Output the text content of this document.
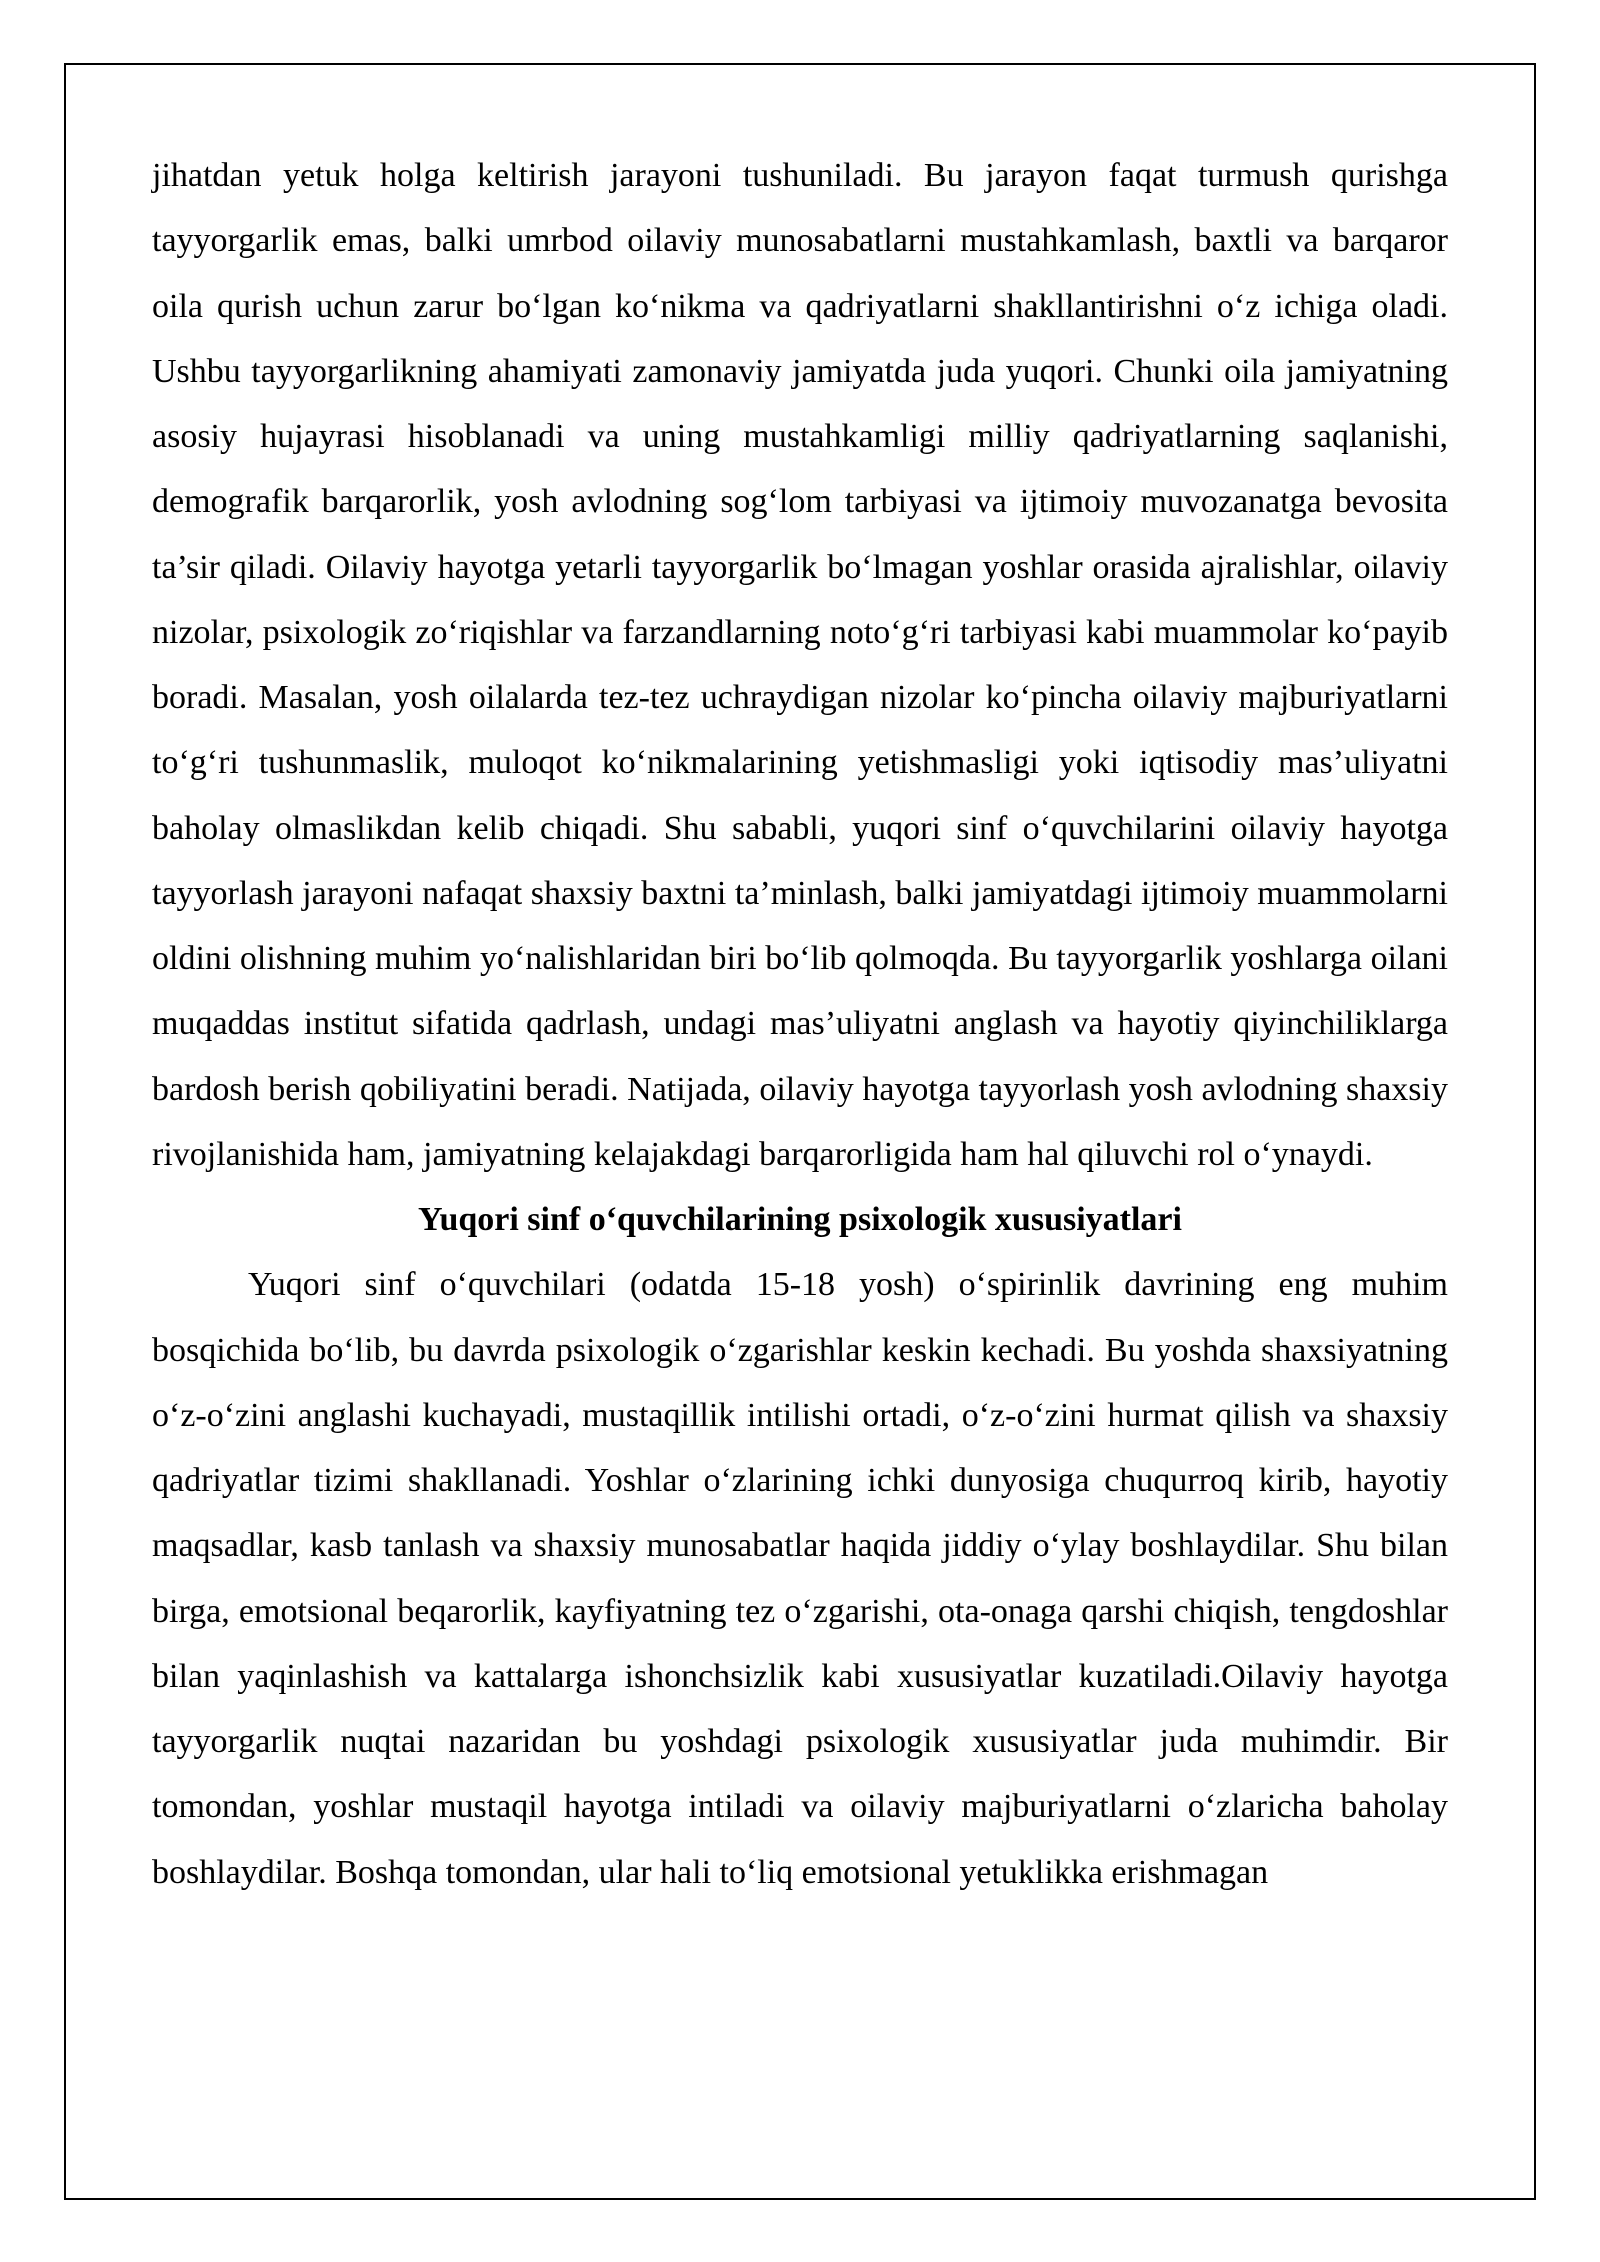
jihatdan yetuk holga keltirish jarayoni tushuniladi. Bu jarayon faqat turmush qurishga tayyorgarlik emas, balki umrbod oilaviy munosabatlarni mustahkamlash, baxtli va barqaror oila qurish uchun zarur bo‘lgan ko‘nikma va qadriyatlarni shakllantirishni o‘z ichiga oladi. Ushbu tayyorgarlikning ahamiyati zamonaviy jamiyatda juda yuqori. Chunki oila jamiyatning asosiy hujayrasi hisoblanadi va uning mustahkamligi milliy qadriyatlarning saqlanishi, demografik barqarorlik, yosh avlodning sog‘lom tarbiyasi va ijtimoiy muvozanatga bevosita ta’sir qiladi. Oilaviy hayotga yetarli tayyorgarlik bo‘lmagan yoshlar orasida ajralishlar, oilaviy nizolar, psixologik zo‘riqishlar va farzandlarning noto‘g‘ri tarbiyasi kabi muammolar ko‘payib boradi. Masalan, yosh oilalarda tez-tez uchraydigan nizolar ko‘pincha oilaviy majburiyatlarni to‘g‘ri tushunmaslik, muloqot ko‘nikmalarining yetishmasligi yoki iqtisodiy mas’uliyatni baholay olmaslikdan kelib chiqadi. Shu sababli, yuqori sinf o‘quvchilarini oilaviy hayotga tayyorlash jarayoni nafaqat shaxsiy baxtni ta’minlash, balki jamiyatdagi ijtimoiy muammolarni oldini olishning muhim yo‘nalishlaridan biri bo‘lib qolmoqda. Bu tayyorgarlik yoshlarga oilani muqaddas institut sifatida qadrlash, undagi mas’uliyatni anglash va hayotiy qiyinchiliklarga bardosh berish qobiliyatini beradi. Natijada, oilaviy hayotga tayyorlash yosh avlodning shaxsiy rivojlanishida ham, jamiyatning kelajakdagi barqarorligida ham hal qiluvchi rol o‘ynaydi.

Yuqori sinf o‘quvchilarining psixologik xususiyatlari

Yuqori sinf o‘quvchilari (odatda 15-18 yosh) o‘spirinlik davrining eng muhim bosqichida bo‘lib, bu davrda psixologik o‘zgarishlar keskin kechadi. Bu yoshda shaxsiyatning o‘z-o‘zini anglashi kuchayadi, mustaqillik intilishi ortadi, o‘z-o‘zini hurmat qilish va shaxsiy qadriyatlar tizimi shakllanadi. Yoshlar o‘zlarining ichki dunyosiga chuqurroq kirib, hayotiy maqsadlar, kasb tanlash va shaxsiy munosabatlar haqida jiddiy o‘ylay boshlaydilar. Shu bilan birga, emotsional beqarorlik, kayfiyatning tez o‘zgarishi, ota-onaga qarshi chiqish, tengdoshlar bilan yaqinlashish va kattalarga ishonchsizlik kabi xususiyatlar kuzatiladi.Oilaviy hayotga tayyorgarlik nuqtai nazaridan bu yoshdagi psixologik xususiyatlar juda muhimdir. Bir tomondan, yoshlar mustaqil hayotga intiladi va oilaviy majburiyatlarni o‘zlaricha baholay boshlaydilar. Boshqa tomondan, ular hali to‘liq emotsional yetuklikka erishmagan
